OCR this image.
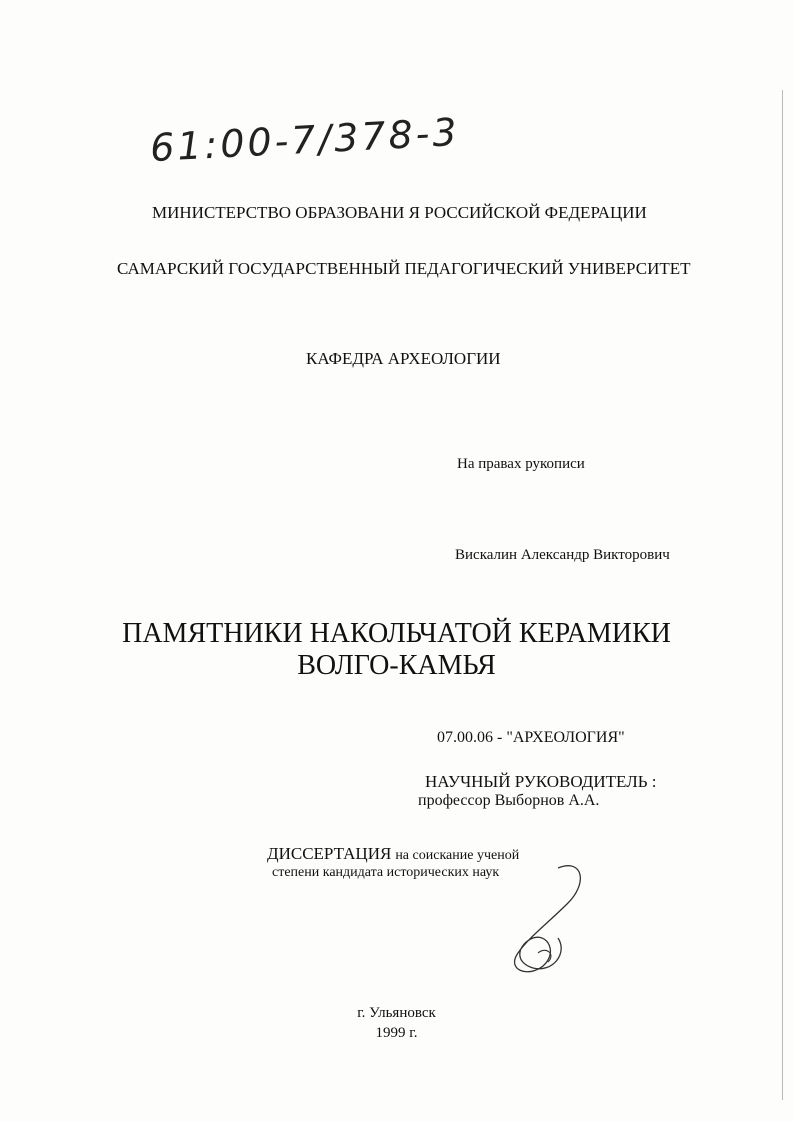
61:00-7/378-3
МИНИСТЕРСТВО ОБРАЗОВАНИ Я РОССИЙСКОЙ ФЕДЕРАЦИИ
САМАРСКИЙ ГОСУДАРСТВЕННЫЙ ПЕДАГОГИЧЕСКИЙ УНИВЕРСИТЕТ
КАФЕДРА АРХЕОЛОГИИ
На правах рукописи
Вискалин Александр Викторович
ПАМЯТНИКИ НАКОЛЬЧАТОЙ КЕРАМИКИ
ВОЛГО-КАМЬЯ
07.00.06 - "АРХЕОЛОГИЯ"
НАУЧНЫЙ РУКОВОДИТЕЛЬ :
профессор Выборнов А.А.
ДИССЕРТАЦИЯ на соискание ученой
степени кандидата исторических наук
г. Ульяновск
1999 г.
